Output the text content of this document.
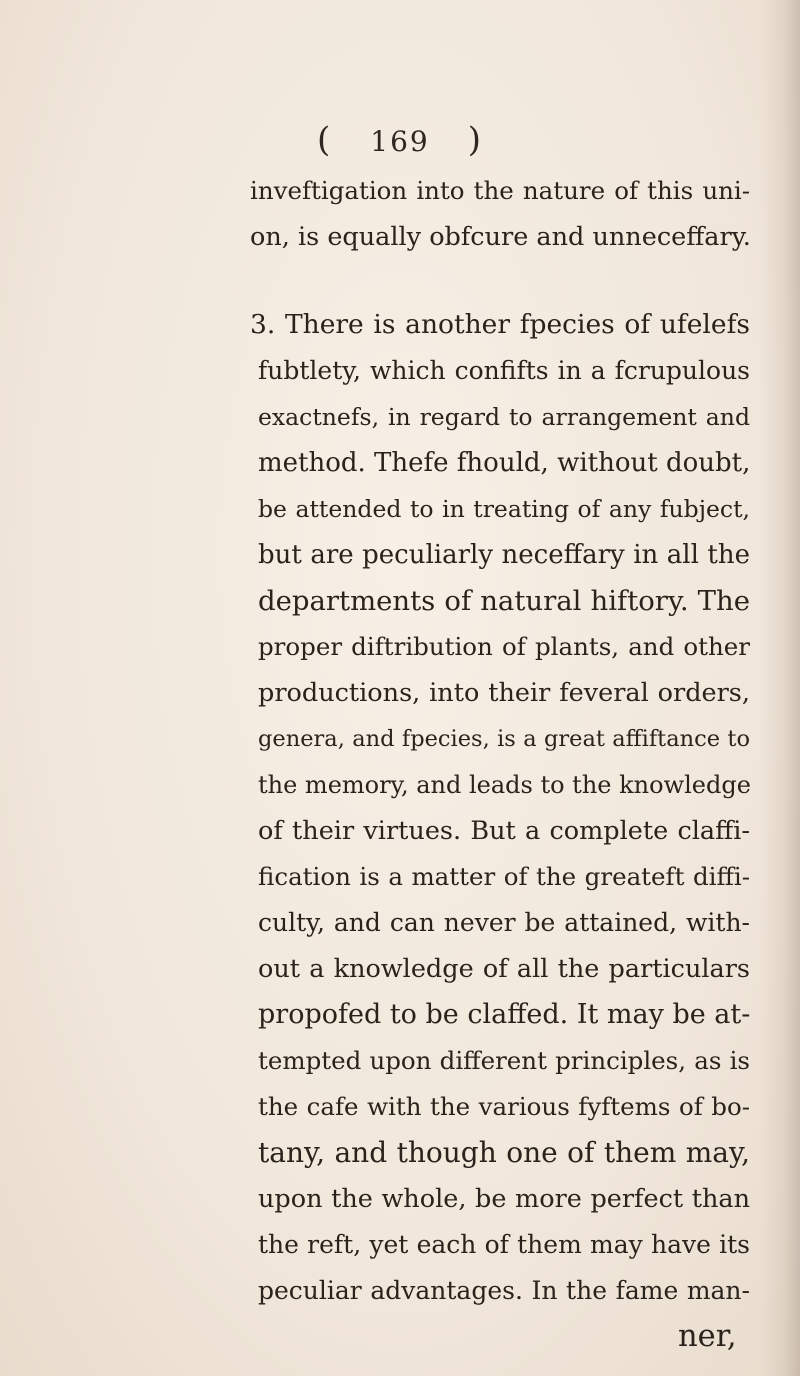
( 169 )
inveftigation into the nature of this uni-
on, is equally obfcure and unneceffary.
3. There is another fpecies of ufelefs
fubtlety, which confifts in a fcrupulous
exactnefs, in regard to arrangement and
method. Thefe fhould, without doubt,
be attended to in treating of any fubject,
but are peculiarly neceffary in all the
departments of natural hiftory. The
proper diftribution of plants, and other
productions, into their feveral orders,
genera, and fpecies, is a great affiftance to
the memory, and leads to the knowledge
of their virtues. But a complete claffi-
fication is a matter of the greateft diffi-
culty, and can never be attained, with-
out a knowledge of all the particulars
propofed to be claffed. It may be at-
tempted upon different principles, as is
the cafe with the various fyftems of bo-
tany, and though one of them may,
upon the whole, be more perfect than
the reft, yet each of them may have its
peculiar advantages. In the fame man-
ner,
